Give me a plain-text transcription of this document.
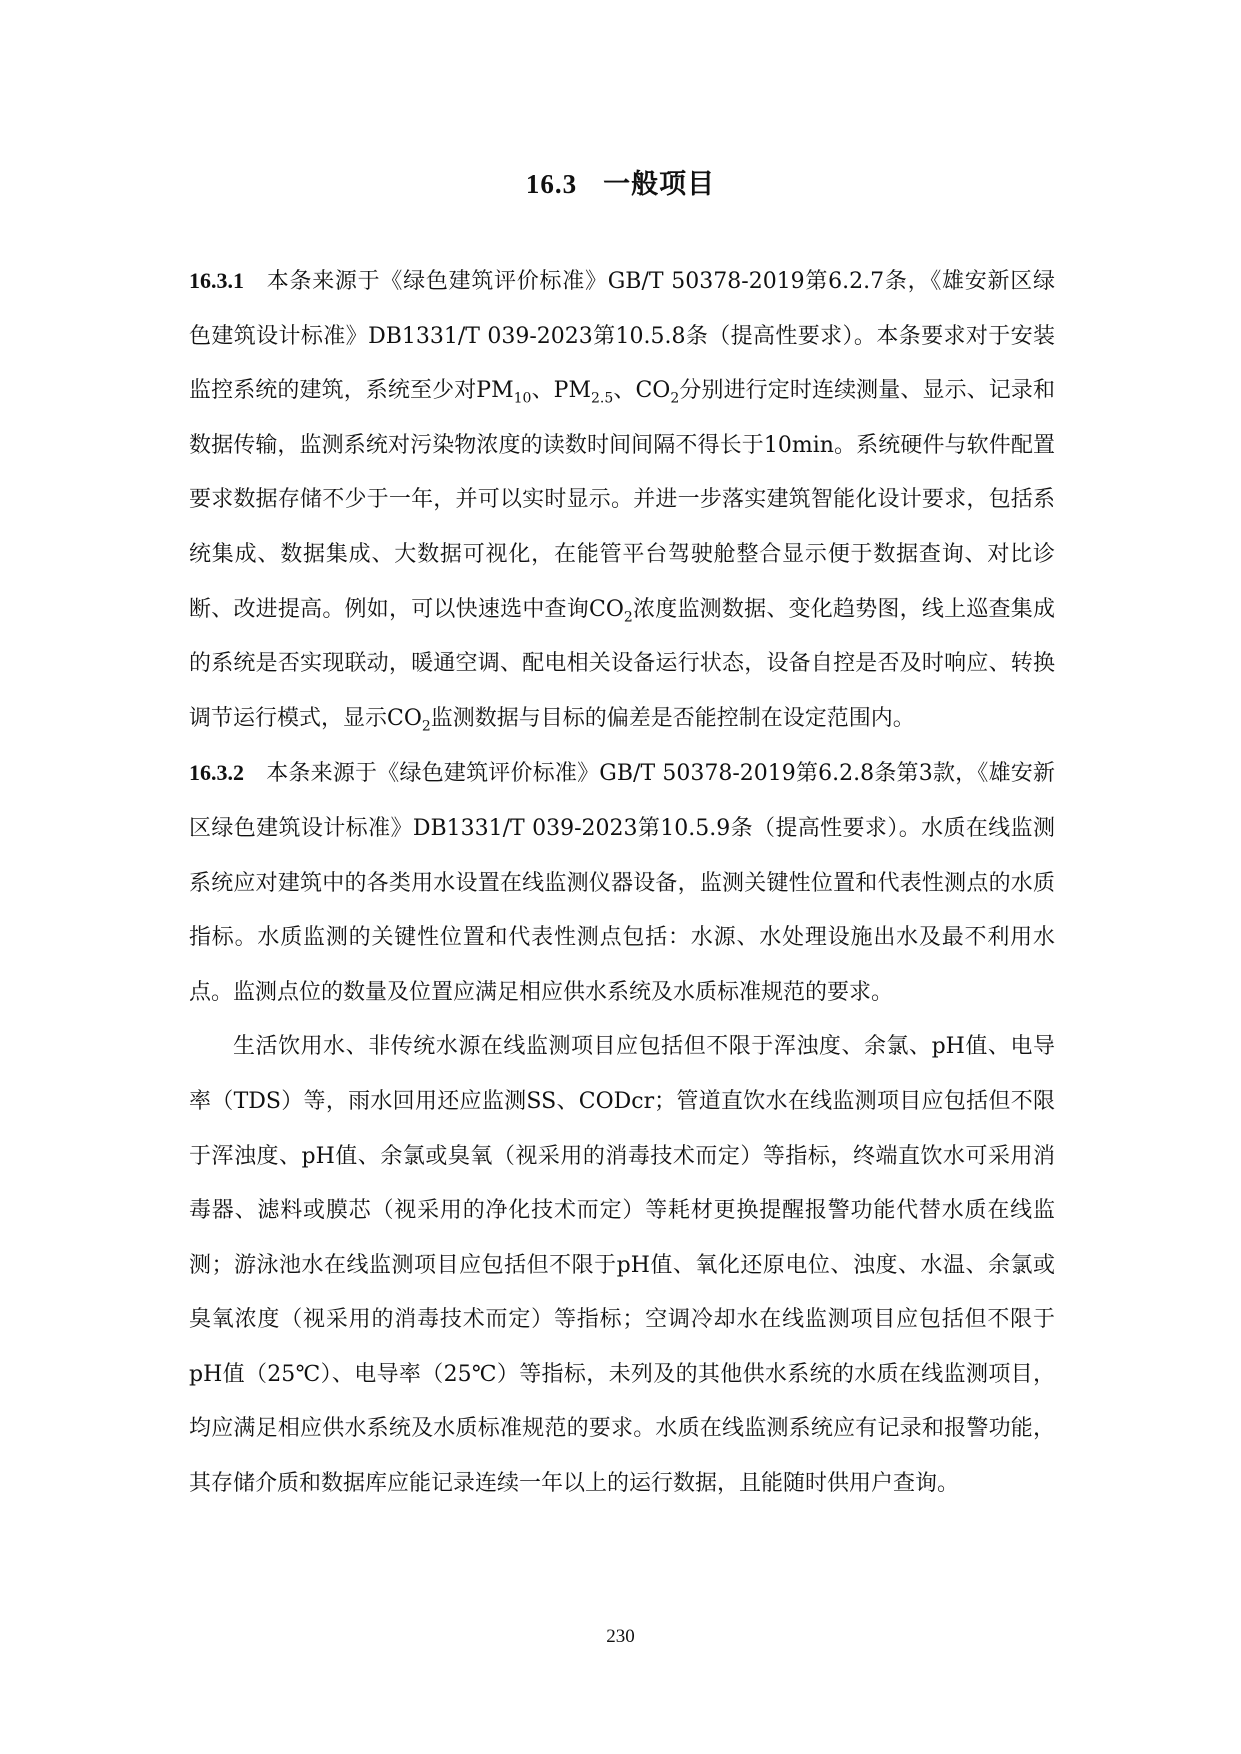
16.3 一般项目

16.3.1 本条来源于《绿色建筑评价标准》GB/T 50378-2019第6.2.7条，《雄安新区绿色建筑设计标准》DB1331/T 039-2023第10.5.8条（提高性要求）。本条要求对于安装监控系统的建筑，系统至少对$PM_{10}$、$PM_{2.5}$、$CO_2$分别进行定时连续测量、显示、记录和数据传输，监测系统对污染物浓度的读数时间间隔不得长于10min。系统硬件与软件配置要求数据存储不少于一年，并可以实时显示。并进一步落实建筑智能化设计要求，包括系统集成、数据集成、大数据可视化，在能管平台驾驶舱整合显示便于数据查询、对比诊断、改进提高。例如，可以快速选中查询$CO_2$浓度监测数据、变化趋势图，线上巡查集成的系统是否实现联动，暖通空调、配电相关设备运行状态，设备自控是否及时响应、转换调节运行模式，显示$CO_2$监测数据与目标的偏差是否能控制在设定范围内。

16.3.2 本条来源于《绿色建筑评价标准》GB/T 50378-2019第6.2.8条第3款，《雄安新区绿色建筑设计标准》DB1331/T 039-2023第10.5.9条（提高性要求）。水质在线监测系统应对建筑中的各类用水设置在线监测仪器设备，监测关键性位置和代表性测点的水质指标。水质监测的关键性位置和代表性测点包括：水源、水处理设施出水及最不利用水点。监测点位的数量及位置应满足相应供水系统及水质标准规范的要求。

生活饮用水、非传统水源在线监测项目应包括但不限于浑浊度、余氯、pH值、电导率（TDS）等，雨水回用还应监测SS、CODcr；管道直饮水在线监测项目应包括但不限于浑浊度、pH值、余氯或臭氧（视采用的消毒技术而定）等指标，终端直饮水可采用消毒器、滤料或膜芯（视采用的净化技术而定）等耗材更换提醒报警功能代替水质在线监测；游泳池水在线监测项目应包括但不限于pH值、氧化还原电位、浊度、水温、余氯或臭氧浓度（视采用的消毒技术而定）等指标；空调冷却水在线监测项目应包括但不限于pH值（25℃）、电导率（25℃）等指标，未列及的其他供水系统的水质在线监测项目，均应满足相应供水系统及水质标准规范的要求。水质在线监测系统应有记录和报警功能，其存储介质和数据库应能记录连续一年以上的运行数据，且能随时供用户查询。

230
